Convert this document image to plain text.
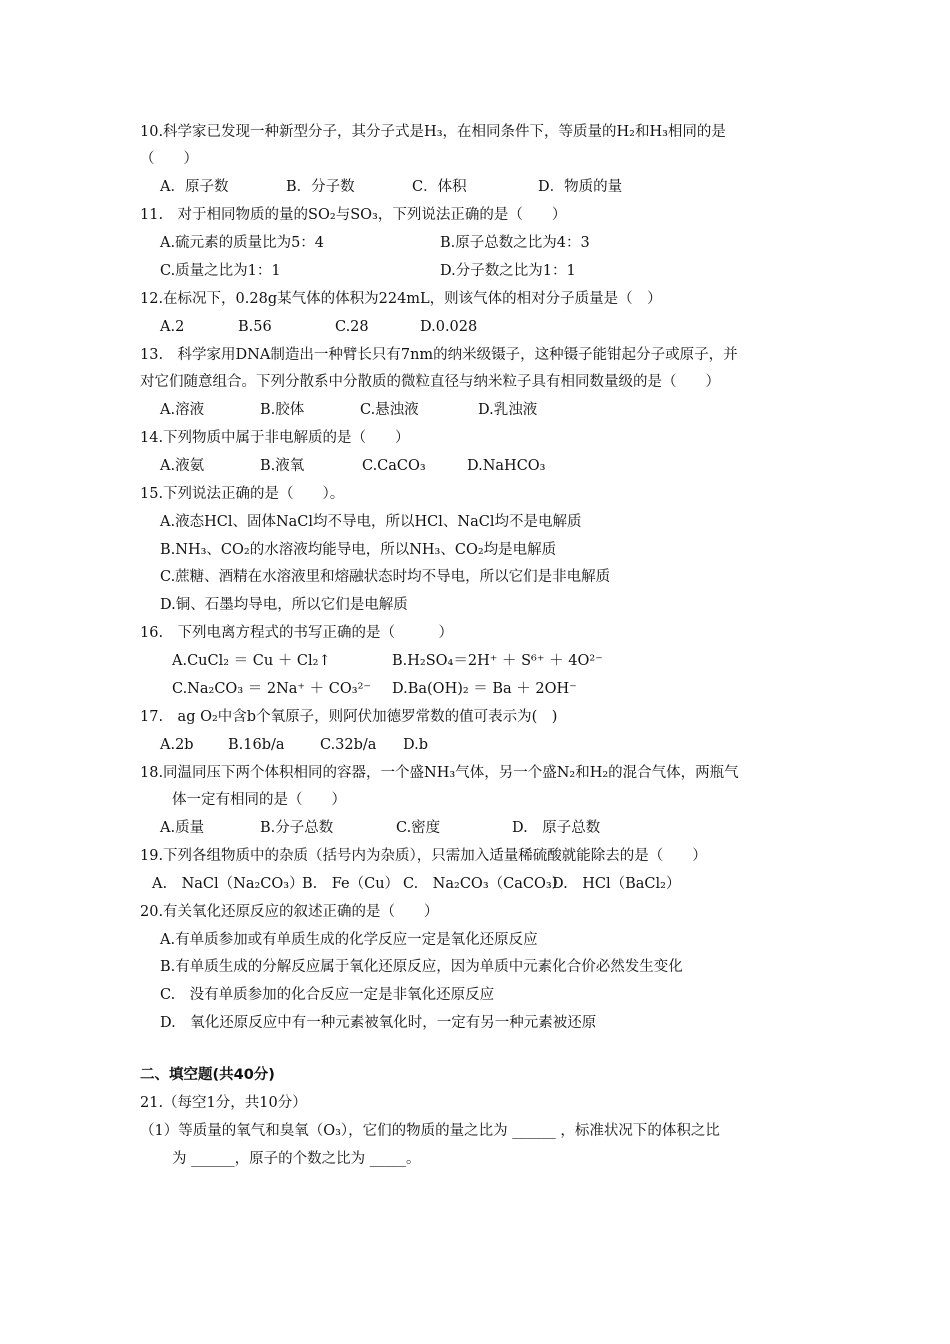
10.科学家已发现一种新型分子，其分子式是H₃，在相同条件下，等质量的H₂和H₃相同的是
（　　）
A．原子数	B．分子数	C．体积	D．物质的量
11.　对于相同物质的量的SO₂与SO₃，下列说法正确的是（　　）
A.硫元素的质量比为5：4	B.原子总数之比为4：3
C.质量之比为1：1	D.分子数之比为1：1
12.在标况下，0.28g某气体的体积为224mL，则该气体的相对分子质量是（　）
A.2	B.56	C.28	D.0.028
13.　科学家用DNA制造出一种臂长只有7nm的纳米级镊子，这种镊子能钳起分子或原子，并
对它们随意组合。下列分散系中分散质的微粒直径与纳米粒子具有相同数量级的是（　　）
A.溶液	B.胶体	C.悬浊液	D.乳浊液
14.下列物质中属于非电解质的是（　　）
A.液氨	B.液氧	C.CaCO₃	D.NaHCO₃
15.下列说法正确的是（　　）。
A.液态HCl、固体NaCl均不导电，所以HCl、NaCl均不是电解质
B.NH₃、CO₂的水溶液均能导电，所以NH₃、CO₂均是电解质
C.蔗糖、酒精在水溶液里和熔融状态时均不导电，所以它们是非电解质
D.铜、石墨均导电，所以它们是电解质
16.　下列电离方程式的书写正确的是（　　　）
A.CuCl₂ ＝ Cu ＋ Cl₂↑	B.H₂SO₄＝2H⁺ ＋ S⁶⁺ ＋ 4O²⁻
C.Na₂CO₃ ＝ 2Na⁺ ＋ CO₃²⁻ D.Ba(OH)₂ ＝ Ba ＋ 2OH⁻
17.　ag O₂中含b个氧原子，则阿伏加德罗常数的值可表示为(　)
A.2b B.16b/a C.32b/a D.b
18.同温同压下两个体积相同的容器，一个盛NH₃气体，另一个盛N₂和H₂的混合气体，两瓶气
体一定有相同的是（　　）
A.质量	B.分子总数	C.密度	D.　原子总数
19.下列各组物质中的杂质（括号内为杂质），只需加入适量稀硫酸就能除去的是（　　）
A.　NaCl（Na₂CO₃）
B.　Fe（Cu） C.　Na₂CO₃（CaCO₃）
D.　HCl（BaCl₂）
20.有关氧化还原反应的叙述正确的是（　　）
A.有单质参加或有单质生成的化学反应一定是氧化还原反应
B.有单质生成的分解反应属于氧化还原反应，因为单质中元素化合价必然发生变化
C.　没有单质参加的化合反应一定是非氧化还原反应
D.　氧化还原反应中有一种元素被氧化时，一定有另一种元素被还原
二、填空题(共40分)
21.（每空1分，共10分）
（1）等质量的氧气和臭氧（O₃），它们的物质的量之比为 ______ ，标准状况下的体积之比
为 ______，原子的个数之比为 _____。
